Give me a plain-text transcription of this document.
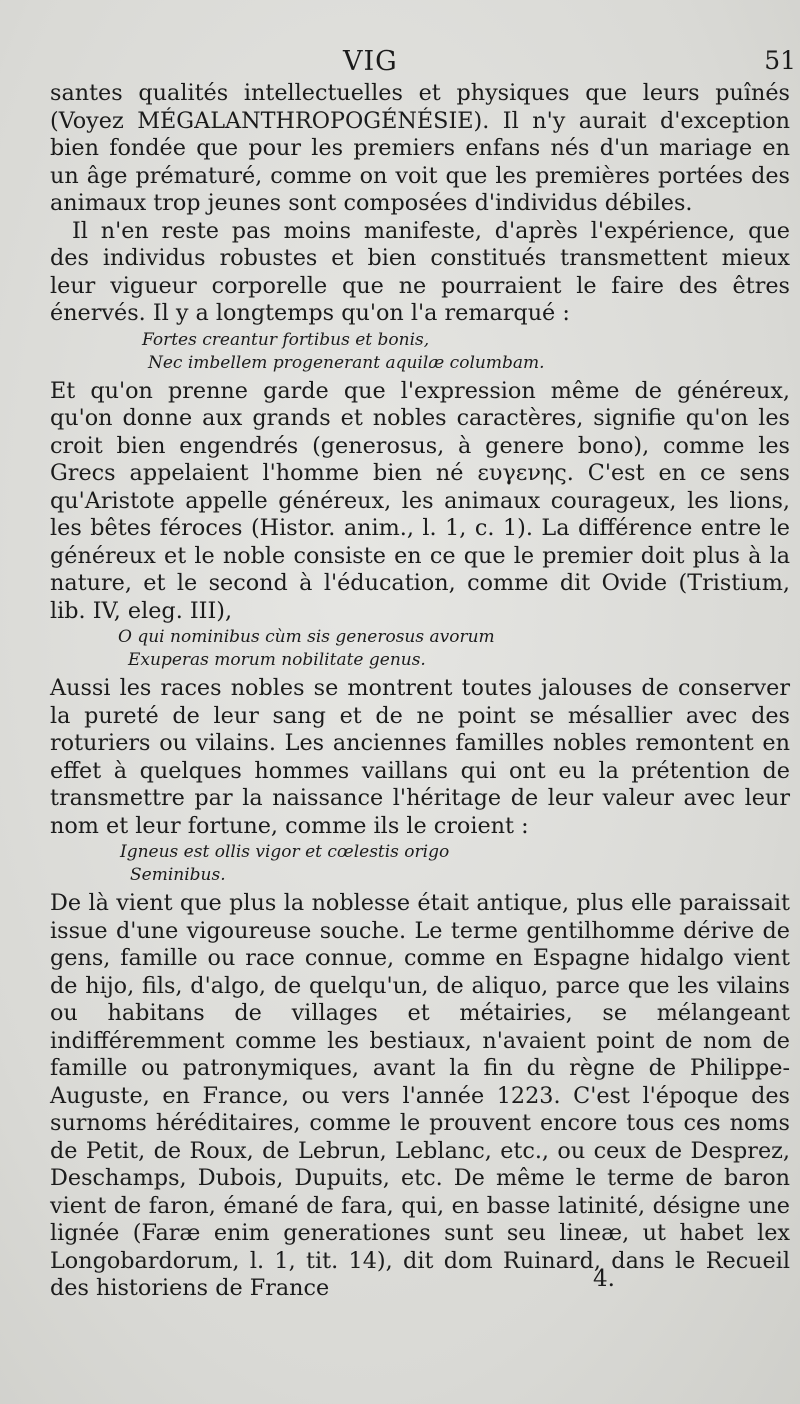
VIG	51

santes qualités intellectuelles et physiques que leurs puînés (Voyez MÉGALANTHROPOGÉNÉSIE). Il n'y aurait d'exception bien fondée que pour les premiers enfans nés d'un mariage en un âge prématuré, comme on voit que les premières portées des animaux trop jeunes sont composées d'individus débiles.

Il n'en reste pas moins manifeste, d'après l'expérience, que des individus robustes et bien constitués transmettent mieux leur vigueur corporelle que ne pourraient le faire des êtres énervés. Il y a longtemps qu'on l'a remarqué :

Fortes creantur fortibus et bonis,
Nec imbellem progenerant aquilæ columbam.

Et qu'on prenne garde que l'expression même de généreux, qu'on donne aux grands et nobles caractères, signifie qu'on les croit bien engendrés (generosus, à genere bono), comme les Grecs appelaient l'homme bien né ευγενης. C'est en ce sens qu'Aristote appelle généreux, les animaux courageux, les lions, les bêtes féroces (Histor. anim., l. 1, c. 1). La différence entre le généreux et le noble consiste en ce que le premier doit plus à la nature, et le second à l'éducation, comme dit Ovide (Tristium, lib. IV, eleg. III),

O qui nominibus cùm sis generosus avorum
Exuperas morum nobilitate genus.

Aussi les races nobles se montrent toutes jalouses de conserver la pureté de leur sang et de ne point se mésallier avec des roturiers ou vilains. Les anciennes familles nobles remontent en effet à quelques hommes vaillans qui ont eu la prétention de transmettre par la naissance l'héritage de leur valeur avec leur nom et leur fortune, comme ils le croient :

Igneus est ollis vigor et cœlestis origo
Seminibus.

De là vient que plus la noblesse était antique, plus elle paraissait issue d'une vigoureuse souche. Le terme gentilhomme dérive de gens, famille ou race connue, comme en Espagne hidalgo vient de hijo, fils, d'algo, de quelqu'un, de aliquo, parce que les vilains ou habitans de villages et métairies, se mélangeant indifféremment comme les bestiaux, n'avaient point de nom de famille ou patronymiques, avant la fin du règne de Philippe-Auguste, en France, ou vers l'année 1223. C'est l'époque des surnoms héréditaires, comme le prouvent encore tous ces noms de Petit, de Roux, de Lebrun, Leblanc, etc., ou ceux de Desprez, Deschamps, Dubois, Dupuits, etc. De même le terme de baron vient de faron, émané de fara, qui, en basse latinité, désigne une lignée (Faræ enim generationes sunt seu lineæ, ut habet lex Longobardorum, l. 1, tit. 14), dit dom Ruinard, dans le Recueil des historiens de France	4.
